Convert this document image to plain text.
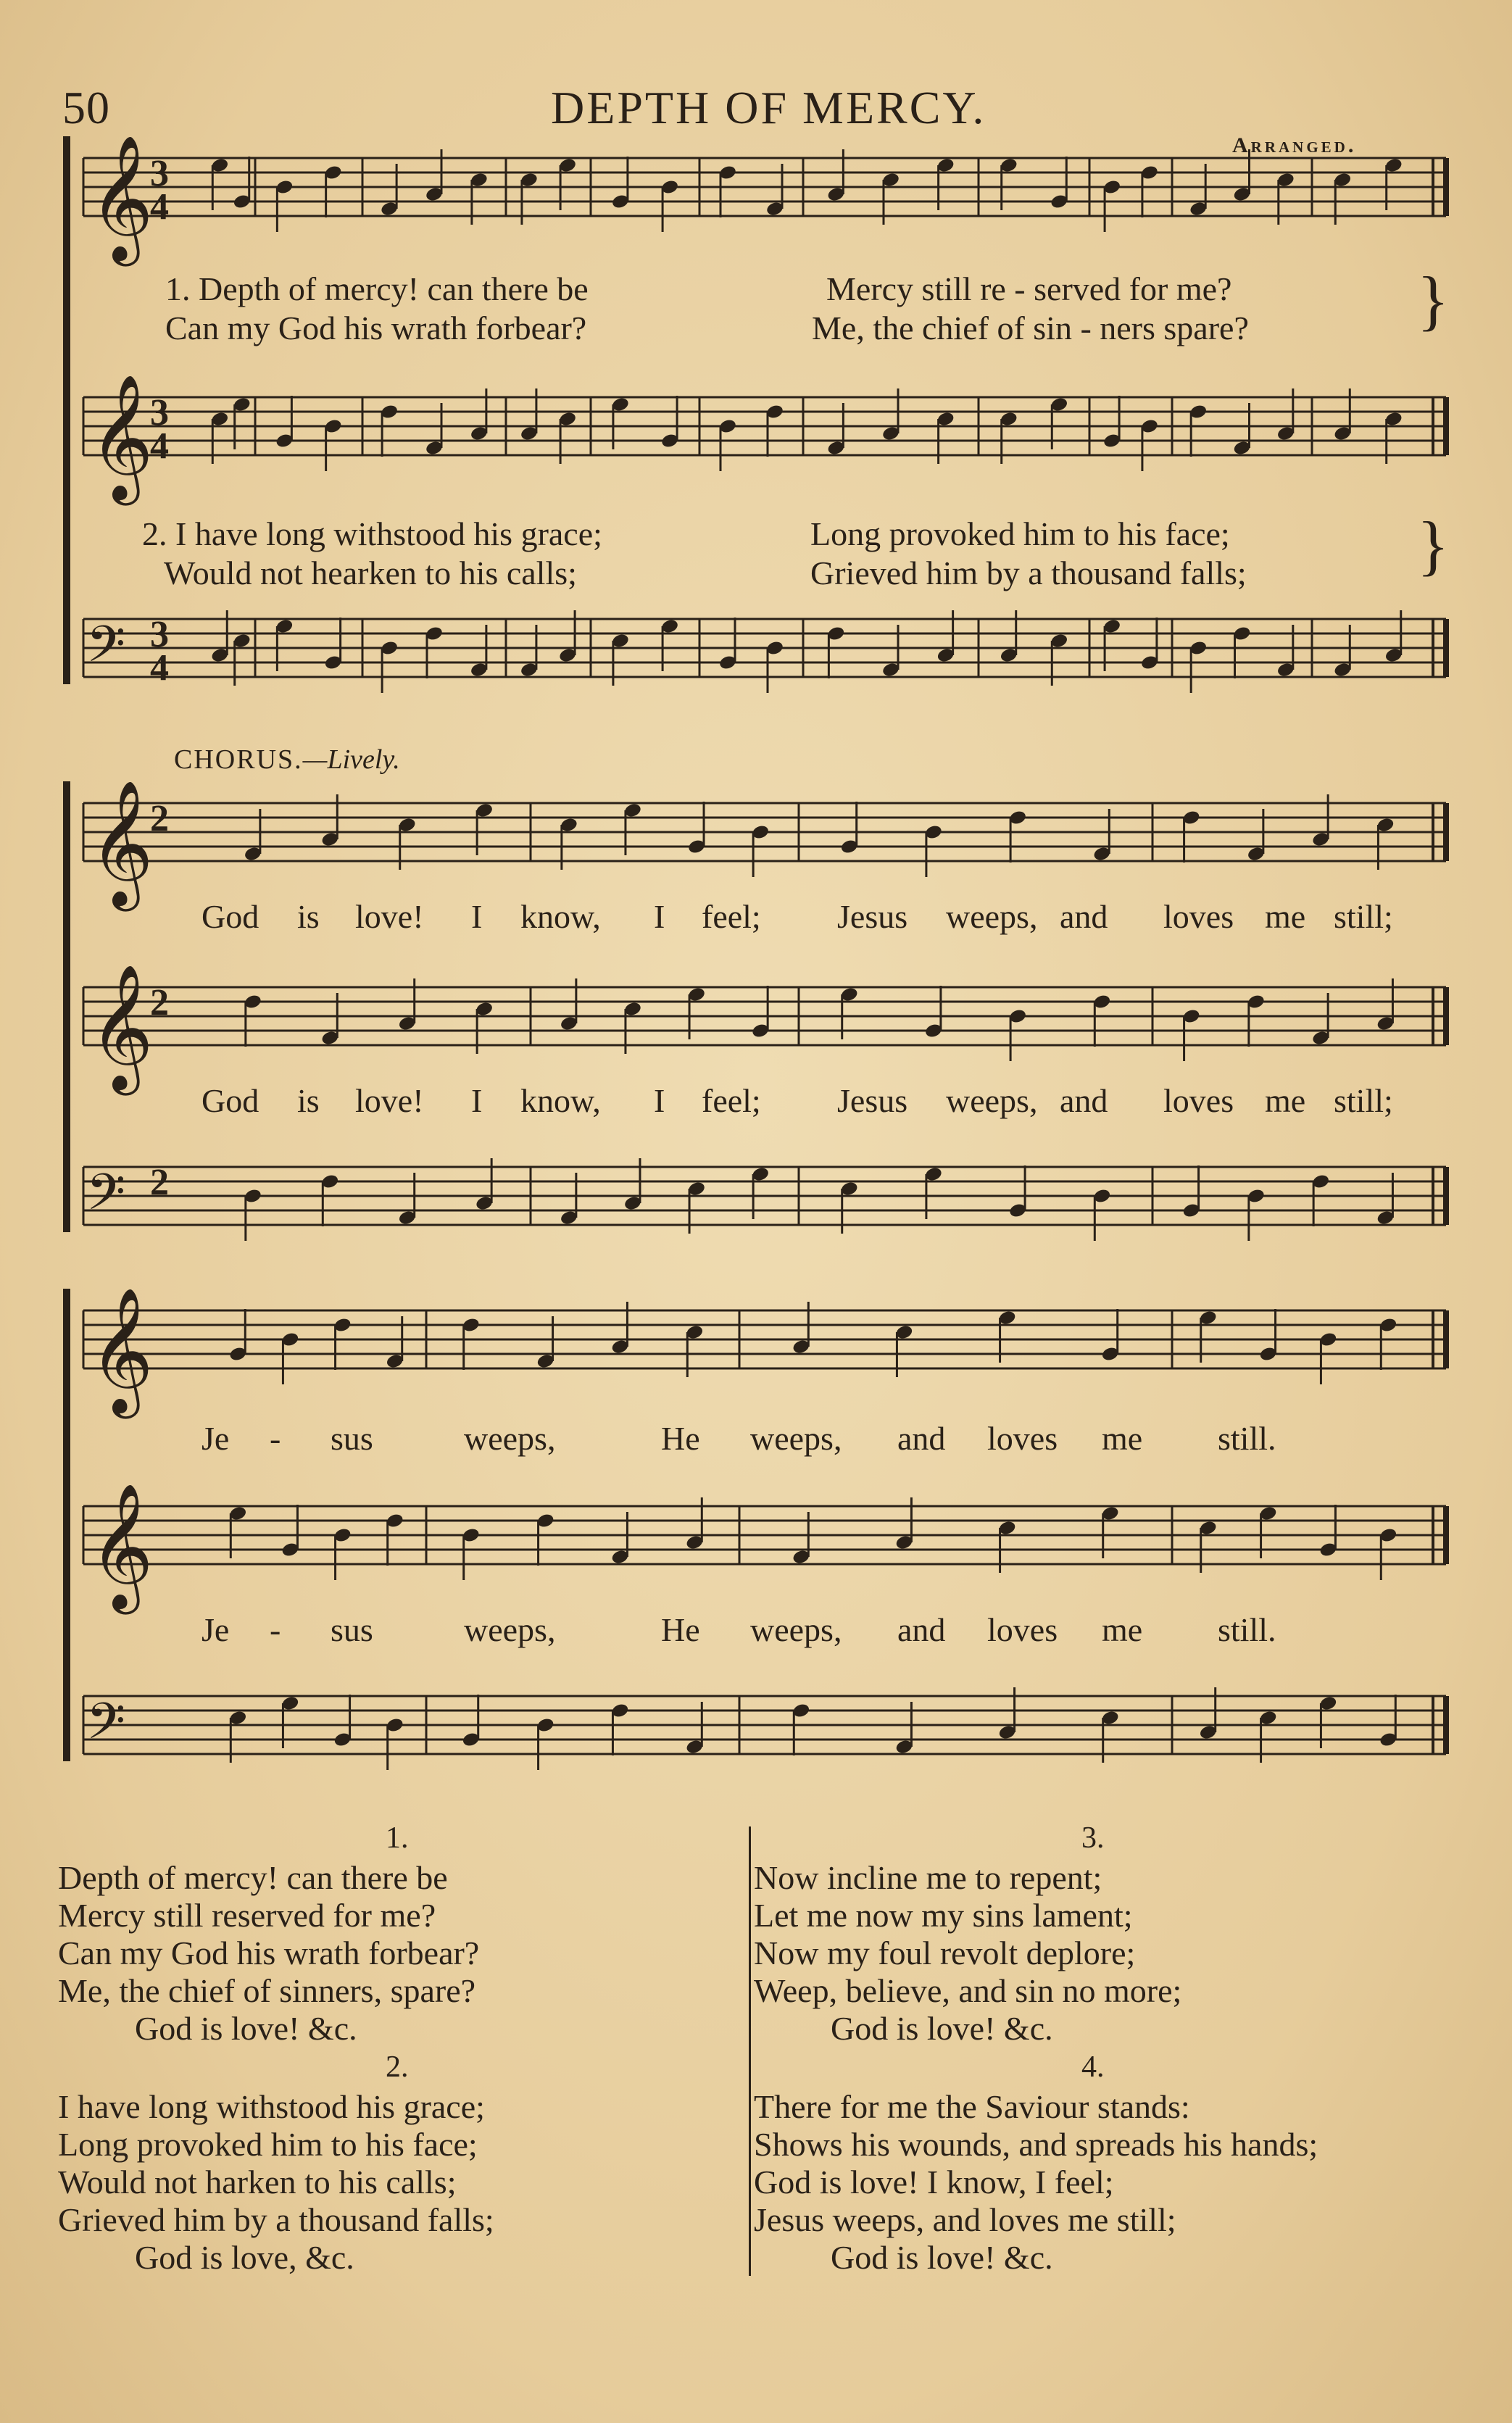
50	DEPTH OF MERCY.
Arranged.
𝄞
3
4
𝄞
3
4
𝄢 3
4
𝄞
2
𝄞
2
𝄢 2
𝄞
𝄞
𝄢
1. Depth of mercy! can there be	Mercy still re - served for me?
Can my God his wrath forbear?	Me, the chief of sin - ners spare?	}
2. I have long withstood his grace;	Long provoked him to his face;
Would not hearken to his calls;	Grieved him by a thousand falls;	}
CHORUS.—Lively.
God is love! I know, I feel; Jesus weeps, and loves me still;
God is love! I know, I feel; Jesus weeps, and loves me still;
Je - sus	weeps,	He weeps, and loves me still.
Je - sus	weeps,	He weeps, and loves me still.
1.
Depth of mercy! can there be
Mercy still reserved for me?
Can my God his wrath forbear?
Me, the chief of sinners, spare?
God is love! &c.
2.
I have long withstood his grace;
Long provoked him to his face;
Would not harken to his calls;
Grieved him by a thousand falls;
God is love, &c.
3.
Now incline me to repent;
Let me now my sins lament;
Now my foul revolt deplore;
Weep, believe, and sin no more;
God is love! &c.
4.
There for me the Saviour stands:
Shows his wounds, and spreads his hands;
God is love! I know, I feel;
Jesus weeps, and loves me still;
God is love! &c.
